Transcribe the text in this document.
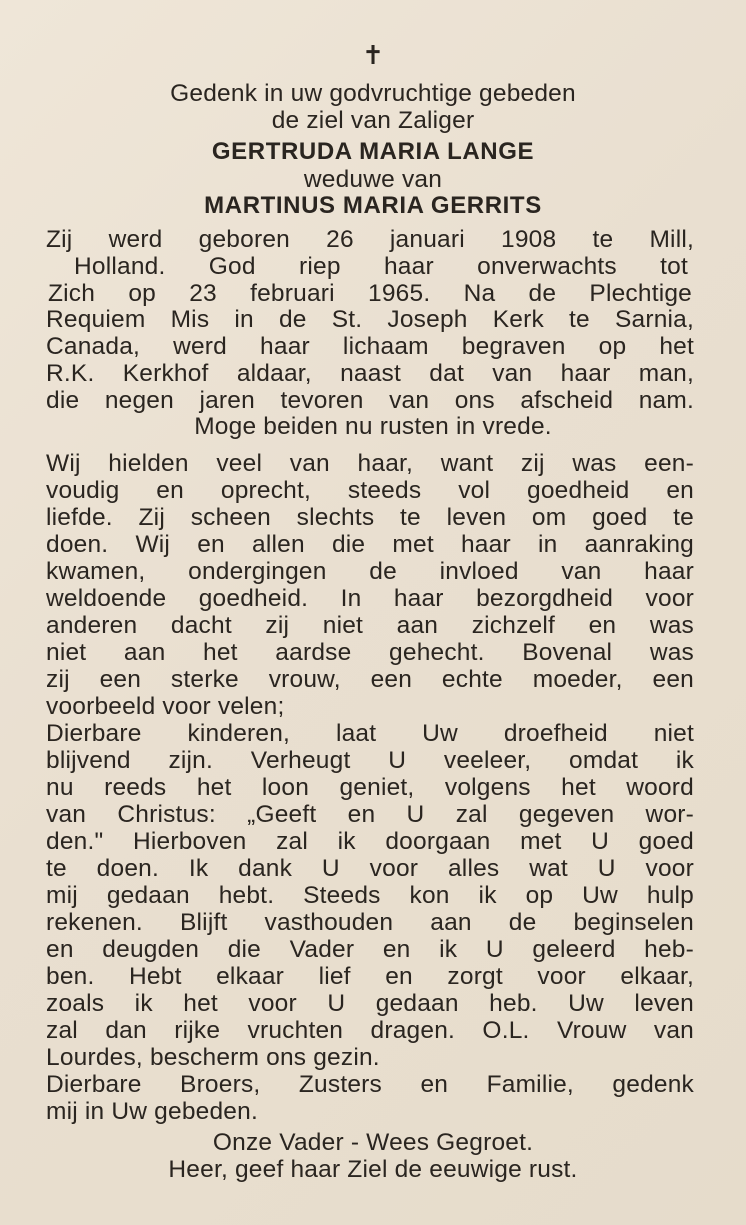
✝
Gedenk in uw godvruchtige gebeden
de ziel van Zaliger
GERTRUDA MARIA LANGE
weduwe van
MARTINUS MARIA GERRITS
Zij werd geboren 26 januari 1908 te Mill,
Holland. God riep haar onverwachts tot
Zich op 23 februari 1965. Na de Plechtige
Requiem Mis in de St. Joseph Kerk te Sarnia,
Canada, werd haar lichaam begraven op het
R.K. Kerkhof aldaar, naast dat van haar man,
die negen jaren tevoren van ons afscheid nam.
Moge beiden nu rusten in vrede.
Wij hielden veel van haar, want zij was een-
voudig en oprecht, steeds vol goedheid en
liefde. Zij scheen slechts te leven om goed te
doen. Wij en allen die met haar in aanraking
kwamen, ondergingen de invloed van haar
weldoende goedheid. In haar bezorgdheid voor
anderen dacht zij niet aan zichzelf en was
niet aan het aardse gehecht. Bovenal was
zij een sterke vrouw, een echte moeder, een
voorbeeld voor velen;
Dierbare kinderen, laat Uw droefheid niet
blijvend zijn. Verheugt U veeleer, omdat ik
nu reeds het loon geniet, volgens het woord
van Christus: „Geeft en U zal gegeven wor-
den." Hierboven zal ik doorgaan met U goed
te doen. Ik dank U voor alles wat U voor
mij gedaan hebt. Steeds kon ik op Uw hulp
rekenen. Blijft vasthouden aan de beginselen
en deugden die Vader en ik U geleerd heb-
ben. Hebt elkaar lief en zorgt voor elkaar,
zoals ik het voor U gedaan heb. Uw leven
zal dan rijke vruchten dragen. O.L. Vrouw van
Lourdes, bescherm ons gezin.
Dierbare Broers, Zusters en Familie, gedenk
mij in Uw gebeden.
Onze Vader - Wees Gegroet.
Heer, geef haar Ziel de eeuwige rust.
